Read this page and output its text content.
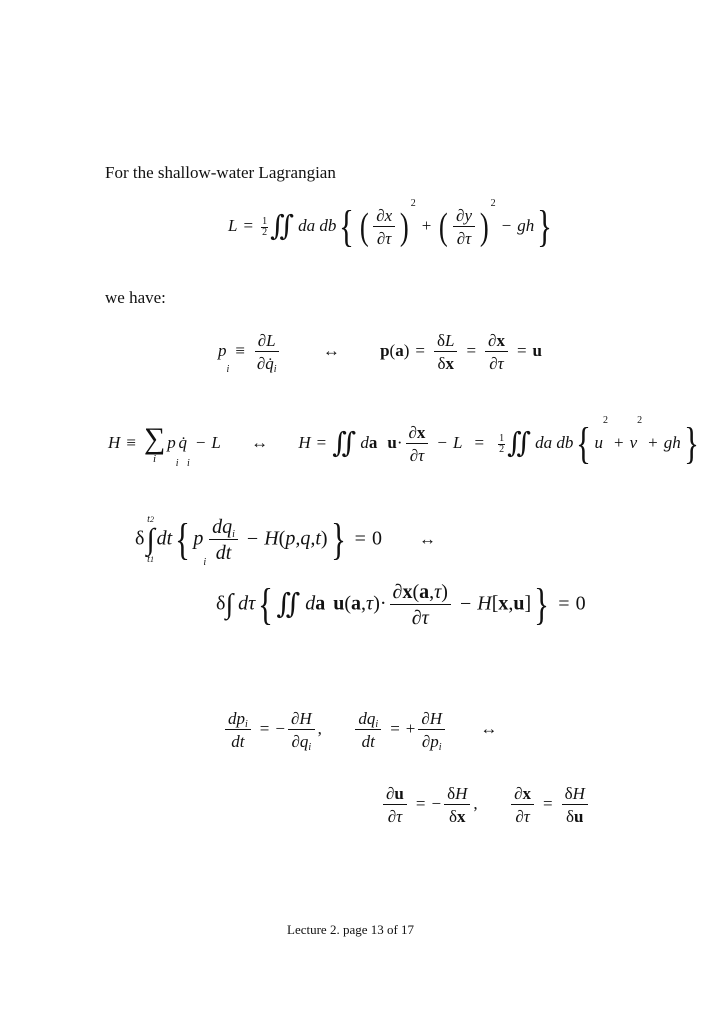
For the shallow-water Lagrangian
$L = \frac{1}{2}$ ∬ da db{ ( $\frac{\partial x}{\partial\tau} )^2+$ ( $\frac{\partial y}{\partial\tau} )^2- gh$}
we have:
$pi\equiv \frac{\partial L}{\partial q̇i}$	↔ $p(a) = \frac{\delta L}{\delta x} = \frac{\partial x}{\partial\tau} = u$
H ≡ ∑
i
piq̇i− L ↔ H = ∬ da $u\cdot \frac{\partial x}{\partial\tau} - L = \frac{1}{2}$ ∬ da db{ $u^2+ v^2+ gh$}
δ
t2
∫
t1
dt{ pi $\frac{\text{dqi}}{dt} - H(p,q,t)\} = 0$ ↔
δ∫ dτ{ ∬ da $u(a,\tau)\cdot \frac{\partial x(a,\tau)}{\partial\tau} - H[x,u]\} = 0$
$\frac{\text{dpi}}{dt}$ = − $\frac{\partial H}{\partial qi}$ , $\frac{\text{dqi}}{dt}$ = + $\frac{\partial H}{\partial pi}$ ↔
$\frac{\partial u}{\partial\tau}$ = − $\frac{\delta H}{\delta x}$ , $\frac{\partial x}{\partial\tau} = \frac{\delta H}{\delta u}$
Lecture 2. page 13 of 17
